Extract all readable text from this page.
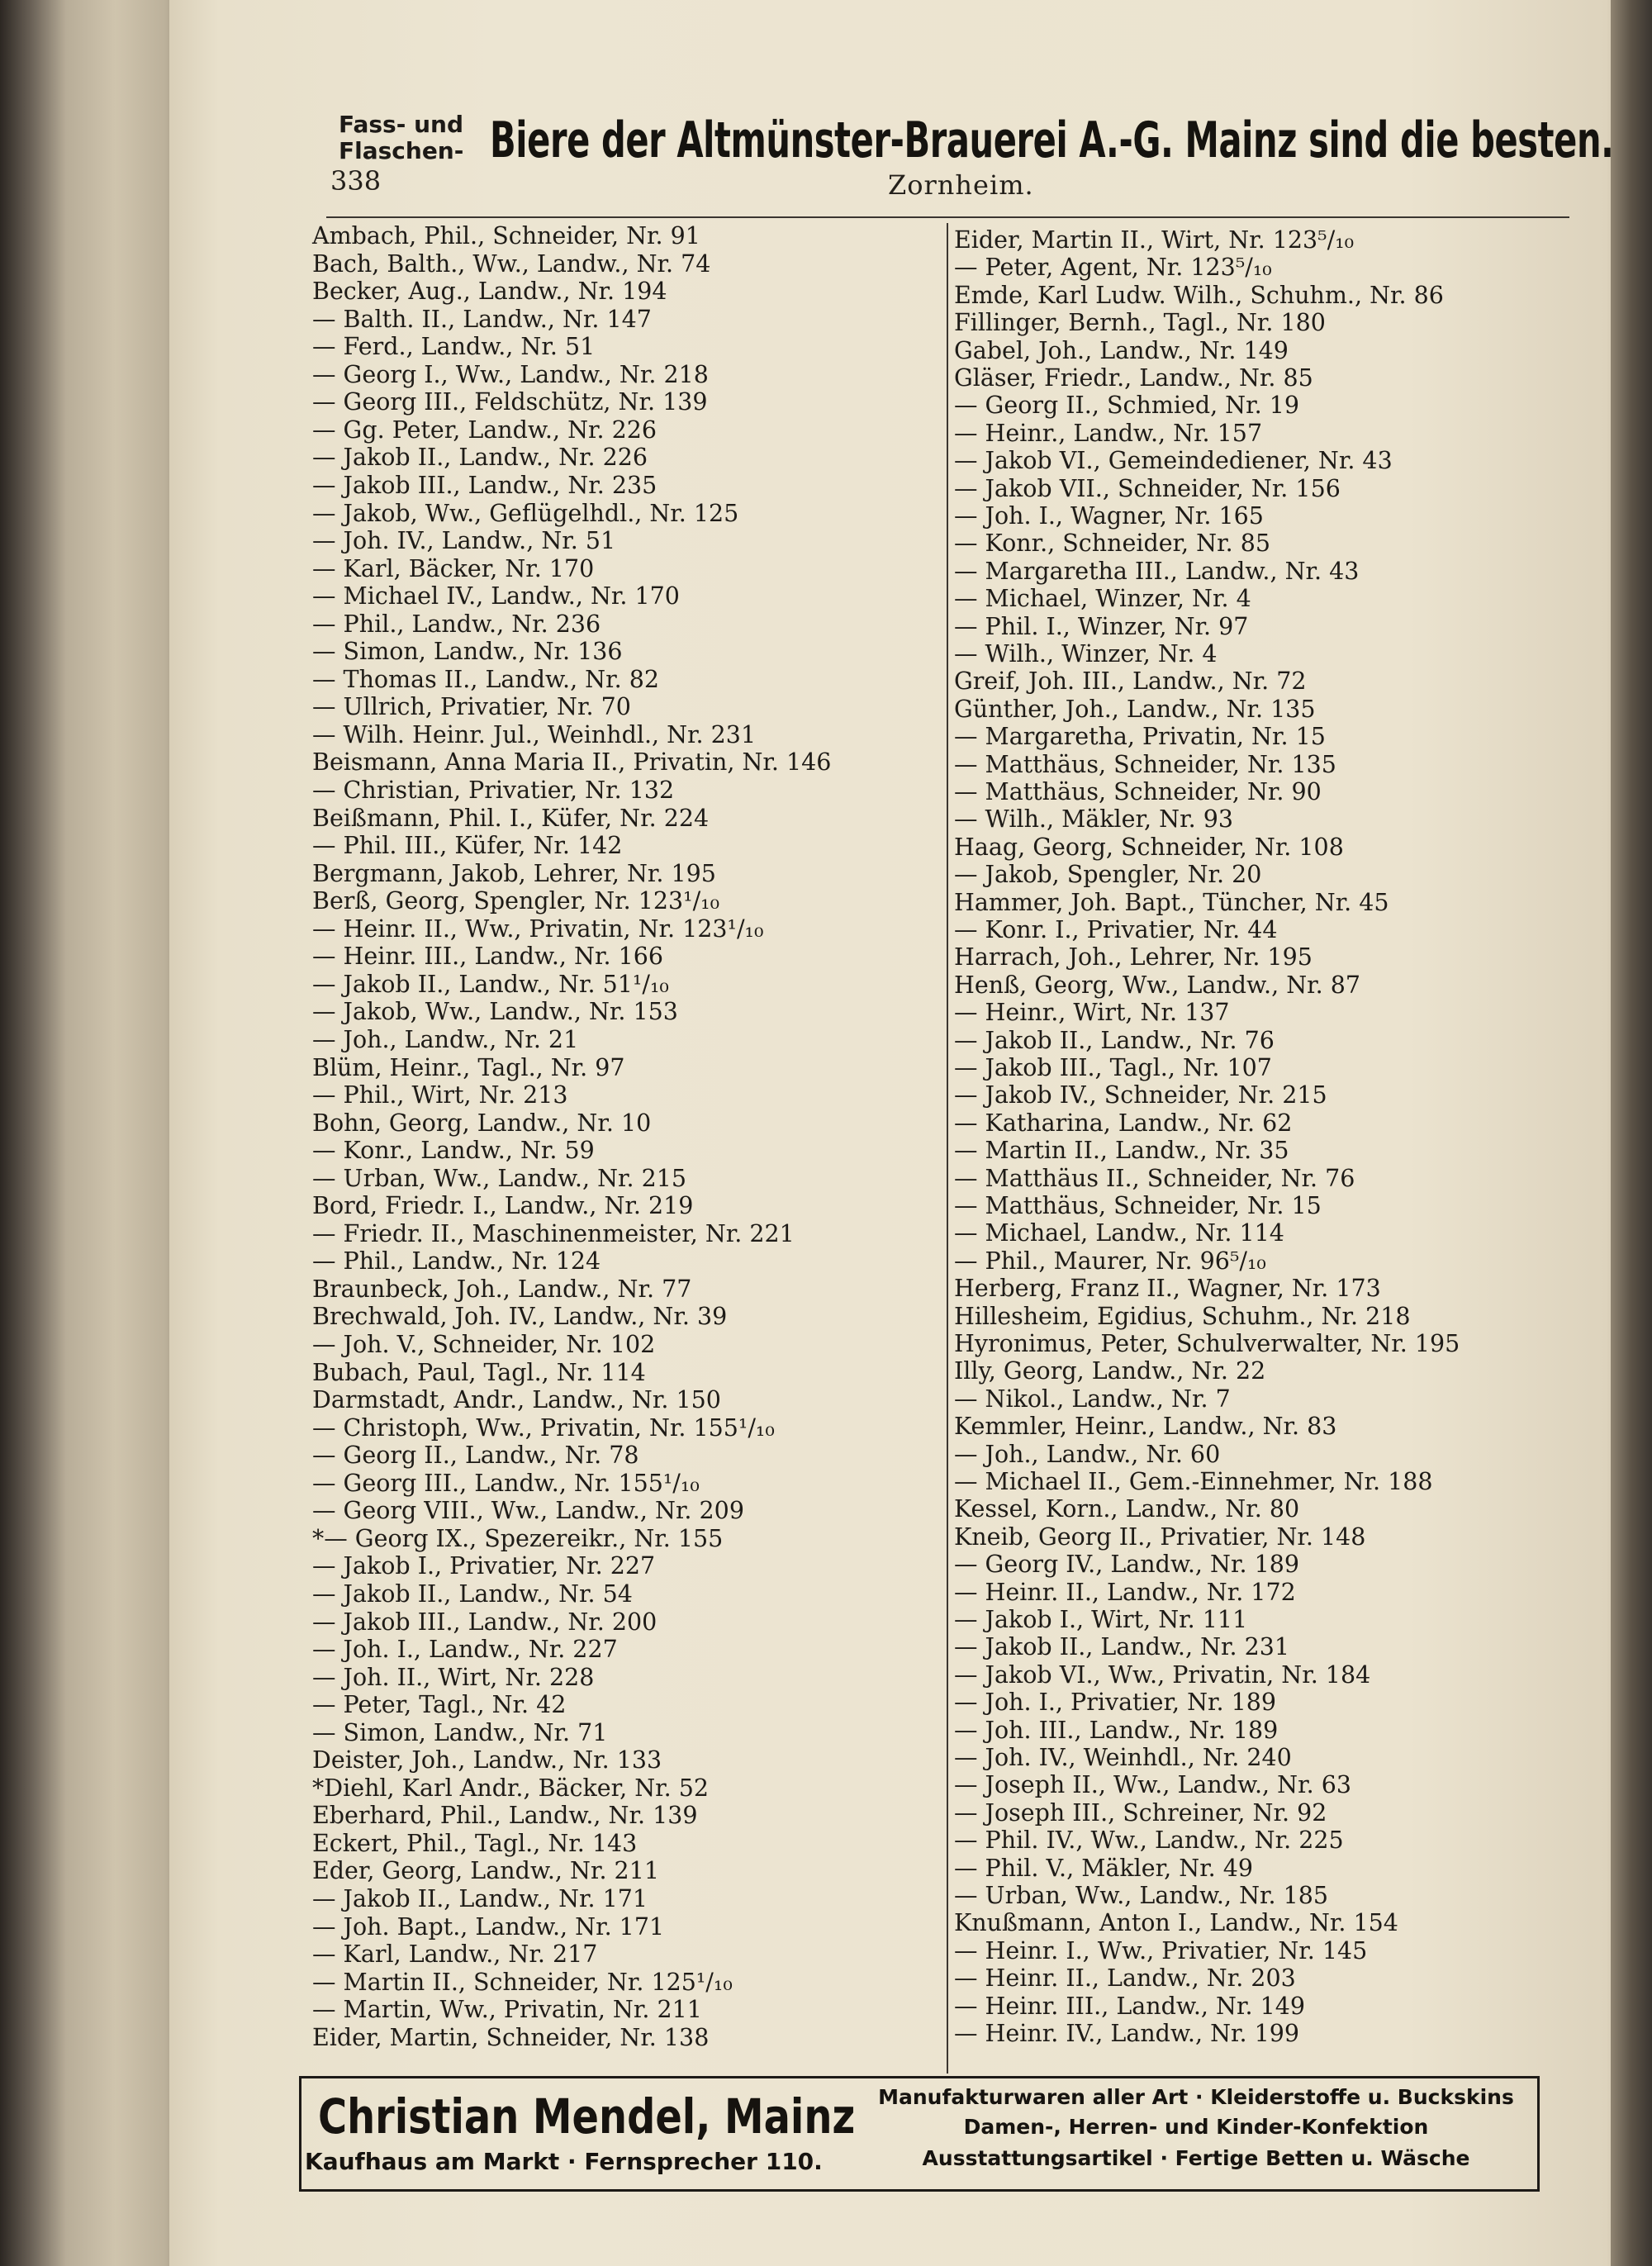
Fass- und
Flaschen- Biere der Altmünster-Brauerei A.-G. Mainz sind die besten.
338	Zornheim.
Ambach, Phil., Schneider, Nr. 91
Bach, Balth., Ww., Landw., Nr. 74
Becker, Aug., Landw., Nr. 194
— Balth. II., Landw., Nr. 147
— Ferd., Landw., Nr. 51
— Georg I., Ww., Landw., Nr. 218
— Georg III., Feldschütz, Nr. 139
— Gg. Peter, Landw., Nr. 226
— Jakob II., Landw., Nr. 226
— Jakob III., Landw., Nr. 235
— Jakob, Ww., Geflügelhdl., Nr. 125
— Joh. IV., Landw., Nr. 51
— Karl, Bäcker, Nr. 170
— Michael IV., Landw., Nr. 170
— Phil., Landw., Nr. 236
— Simon, Landw., Nr. 136
— Thomas II., Landw., Nr. 82
— Ullrich, Privatier, Nr. 70
— Wilh. Heinr. Jul., Weinhdl., Nr. 231
Beismann, Anna Maria II., Privatin, Nr. 146
— Christian, Privatier, Nr. 132
Beißmann, Phil. I., Küfer, Nr. 224
— Phil. III., Küfer, Nr. 142
Bergmann, Jakob, Lehrer, Nr. 195
Berß, Georg, Spengler, Nr. 123¹/₁₀
— Heinr. II., Ww., Privatin, Nr. 123¹/₁₀
— Heinr. III., Landw., Nr. 166
— Jakob II., Landw., Nr. 51¹/₁₀
— Jakob, Ww., Landw., Nr. 153
— Joh., Landw., Nr. 21
Blüm, Heinr., Tagl., Nr. 97
— Phil., Wirt, Nr. 213
Bohn, Georg, Landw., Nr. 10
— Konr., Landw., Nr. 59
— Urban, Ww., Landw., Nr. 215
Bord, Friedr. I., Landw., Nr. 219
— Friedr. II., Maschinenmeister, Nr. 221
— Phil., Landw., Nr. 124
Braunbeck, Joh., Landw., Nr. 77
Brechwald, Joh. IV., Landw., Nr. 39
— Joh. V., Schneider, Nr. 102
Bubach, Paul, Tagl., Nr. 114
Darmstadt, Andr., Landw., Nr. 150
— Christoph, Ww., Privatin, Nr. 155¹/₁₀
— Georg II., Landw., Nr. 78
— Georg III., Landw., Nr. 155¹/₁₀
— Georg VIII., Ww., Landw., Nr. 209
*— Georg IX., Spezereikr., Nr. 155
— Jakob I., Privatier, Nr. 227
— Jakob II., Landw., Nr. 54
— Jakob III., Landw., Nr. 200
— Joh. I., Landw., Nr. 227
— Joh. II., Wirt, Nr. 228
— Peter, Tagl., Nr. 42
— Simon, Landw., Nr. 71
Deister, Joh., Landw., Nr. 133
*Diehl, Karl Andr., Bäcker, Nr. 52
Eberhard, Phil., Landw., Nr. 139
Eckert, Phil., Tagl., Nr. 143
Eder, Georg, Landw., Nr. 211
— Jakob II., Landw., Nr. 171
— Joh. Bapt., Landw., Nr. 171
— Karl, Landw., Nr. 217
— Martin II., Schneider, Nr. 125¹/₁₀
— Martin, Ww., Privatin, Nr. 211
Eider, Martin, Schneider, Nr. 138
Eider, Martin II., Wirt, Nr. 123⁵/₁₀
— Peter, Agent, Nr. 123⁵/₁₀
Emde, Karl Ludw. Wilh., Schuhm., Nr. 86
Fillinger, Bernh., Tagl., Nr. 180
Gabel, Joh., Landw., Nr. 149
Gläser, Friedr., Landw., Nr. 85
— Georg II., Schmied, Nr. 19
— Heinr., Landw., Nr. 157
— Jakob VI., Gemeindediener, Nr. 43
— Jakob VII., Schneider, Nr. 156
— Joh. I., Wagner, Nr. 165
— Konr., Schneider, Nr. 85
— Margaretha III., Landw., Nr. 43
— Michael, Winzer, Nr. 4
— Phil. I., Winzer, Nr. 97
— Wilh., Winzer, Nr. 4
Greif, Joh. III., Landw., Nr. 72
Günther, Joh., Landw., Nr. 135
— Margaretha, Privatin, Nr. 15
— Matthäus, Schneider, Nr. 135
— Matthäus, Schneider, Nr. 90
— Wilh., Mäkler, Nr. 93
Haag, Georg, Schneider, Nr. 108
— Jakob, Spengler, Nr. 20
Hammer, Joh. Bapt., Tüncher, Nr. 45
— Konr. I., Privatier, Nr. 44
Harrach, Joh., Lehrer, Nr. 195
Henß, Georg, Ww., Landw., Nr. 87
— Heinr., Wirt, Nr. 137
— Jakob II., Landw., Nr. 76
— Jakob III., Tagl., Nr. 107
— Jakob IV., Schneider, Nr. 215
— Katharina, Landw., Nr. 62
— Martin II., Landw., Nr. 35
— Matthäus II., Schneider, Nr. 76
— Matthäus, Schneider, Nr. 15
— Michael, Landw., Nr. 114
— Phil., Maurer, Nr. 96⁵/₁₀
Herberg, Franz II., Wagner, Nr. 173
Hillesheim, Egidius, Schuhm., Nr. 218
Hyronimus, Peter, Schulverwalter, Nr. 195
Illy, Georg, Landw., Nr. 22
— Nikol., Landw., Nr. 7
Kemmler, Heinr., Landw., Nr. 83
— Joh., Landw., Nr. 60
— Michael II., Gem.-Einnehmer, Nr. 188
Kessel, Korn., Landw., Nr. 80
Kneib, Georg II., Privatier, Nr. 148
— Georg IV., Landw., Nr. 189
— Heinr. II., Landw., Nr. 172
— Jakob I., Wirt, Nr. 111
— Jakob II., Landw., Nr. 231
— Jakob VI., Ww., Privatin, Nr. 184
— Joh. I., Privatier, Nr. 189
— Joh. III., Landw., Nr. 189
— Joh. IV., Weinhdl., Nr. 240
— Joseph II., Ww., Landw., Nr. 63
— Joseph III., Schreiner, Nr. 92
— Phil. IV., Ww., Landw., Nr. 225
— Phil. V., Mäkler, Nr. 49
— Urban, Ww., Landw., Nr. 185
Knußmann, Anton I., Landw., Nr. 154
— Heinr. I., Ww., Privatier, Nr. 145
— Heinr. II., Landw., Nr. 203
— Heinr. III., Landw., Nr. 149
— Heinr. IV., Landw., Nr. 199
Christian Mendel, Mainz
Kaufhaus am Markt · Fernsprecher 110.
Manufakturwaren aller Art · Kleiderstoffe u. Buckskins
Damen-, Herren- und Kinder-Konfektion
Ausstattungsartikel · Fertige Betten u. Wäsche
